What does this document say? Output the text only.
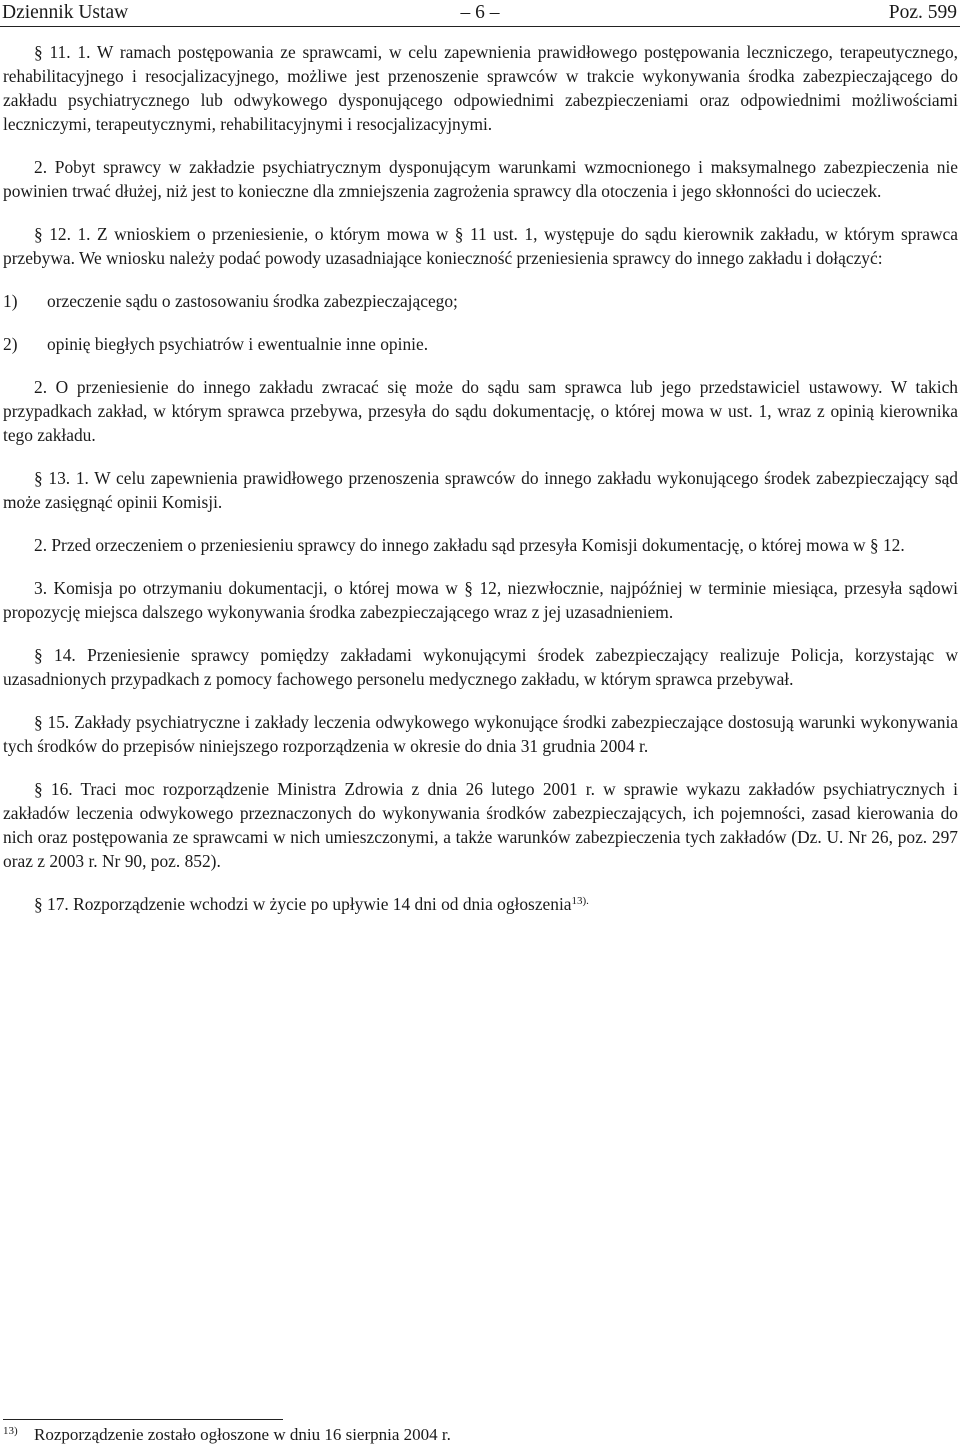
Dziennik Ustaw	– 6 –	Poz. 599

§ 11. 1. W ramach postępowania ze sprawcami, w celu zapewnienia prawidłowego postępowania leczniczego, terapeutycznego, rehabilitacyjnego i resocjalizacyjnego, możliwe jest przenoszenie sprawców w trakcie wykonywania środka zabezpieczającego do zakładu psychiatrycznego lub odwykowego dysponującego odpowiednimi zabezpieczeniami oraz odpowiednimi możliwościami leczniczymi, terapeutycznymi, rehabilitacyjnymi i resocjalizacyjnymi.

2. Pobyt sprawcy w zakładzie psychiatrycznym dysponującym warunkami wzmocnionego i maksymalnego zabezpieczenia nie powinien trwać dłużej, niż jest to konieczne dla zmniejszenia zagrożenia sprawcy dla otoczenia i jego skłonności do ucieczek.

§ 12. 1. Z wnioskiem o przeniesienie, o którym mowa w § 11 ust. 1, występuje do sądu kierownik zakładu, w którym sprawca przebywa. We wniosku należy podać powody uzasadniające konieczność przeniesienia sprawcy do innego zakładu i dołączyć:

1)	orzeczenie sądu o zastosowaniu środka zabezpieczającego;

2)	opinię biegłych psychiatrów i ewentualnie inne opinie.

2. O przeniesienie do innego zakładu zwracać się może do sądu sam sprawca lub jego przedstawiciel ustawowy. W takich przypadkach zakład, w którym sprawca przebywa, przesyła do sądu dokumentację, o której mowa w ust. 1, wraz z opinią kierownika tego zakładu.

§ 13. 1. W celu zapewnienia prawidłowego przenoszenia sprawców do innego zakładu wykonującego środek zabezpieczający sąd może zasięgnąć opinii Komisji.

2. Przed orzeczeniem o przeniesieniu sprawcy do innego zakładu sąd przesyła Komisji dokumentację, o której mowa w § 12.

3. Komisja po otrzymaniu dokumentacji, o której mowa w § 12, niezwłocznie, najpóźniej w terminie miesiąca, przesyła sądowi propozycję miejsca dalszego wykonywania środka zabezpieczającego wraz z jej uzasadnieniem.

§ 14. Przeniesienie sprawcy pomiędzy zakładami wykonującymi środek zabezpieczający realizuje Policja, korzystając w uzasadnionych przypadkach z pomocy fachowego personelu medycznego zakładu, w którym sprawca przebywał.

§ 15. Zakłady psychiatryczne i zakłady leczenia odwykowego wykonujące środki zabezpieczające dostosują warunki wykonywania tych środków do przepisów niniejszego rozporządzenia w okresie do dnia 31 grudnia 2004 r.

§ 16. Traci moc rozporządzenie Ministra Zdrowia z dnia 26 lutego 2001 r. w sprawie wykazu zakładów psychiatrycznych i zakładów leczenia odwykowego przeznaczonych do wykonywania środków zabezpieczających, ich pojemności, zasad kierowania do nich oraz postępowania ze sprawcami w nich umieszczonymi, a także warunków zabezpieczenia tych zakładów (Dz. U. Nr 26, poz. 297 oraz z 2003 r. Nr 90, poz. 852).

§ 17. Rozporządzenie wchodzi w życie po upływie 14 dni od dnia ogłoszenia$^{13).}$

13) Rozporządzenie zostało ogłoszone w dniu 16 sierpnia 2004 r.
